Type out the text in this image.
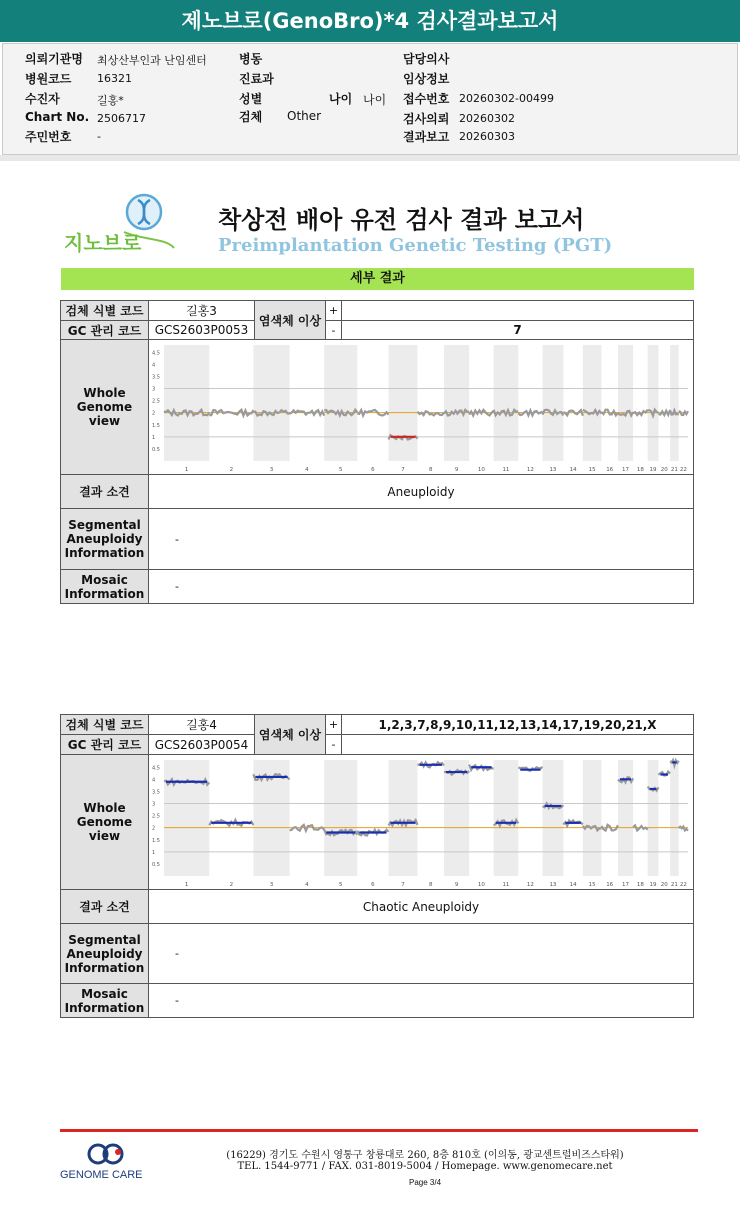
제노브로(GenoBro)*4 검사결과보고서
의뢰기관명 최상산부인과 난임센터
병원코드 16321
수진자	길홍*
Chart No. 2506717
주민번호 -
병동
진료과
성별	나이 나이
검체 Other
담당의사
임상정보
접수번호 20260302-00499
검사의뢰 20260302
결과보고 20260303
지노브로
착상전 배아 유전 검사 결과 보고서
Preimplantation Genetic Testing (PGT)
세부 결과
검체 식별 코드	길홍3
염색체 이상
+
GC 관리 코드	GCS2603P0053	-	7
Whole
Genome
view
4.5
4
3.5
3
2.5
2
1.5
1
0.5
1	2	3	4	5	6	7	8	9	10	11	12	13 14 15 16 17 18 19 20 21 22
결과 소견	Aneuploidy
Segmental
Aneuploidy
Information
-
Mosaic
Information	-
검체 식별 코드	길홍4
염색체 이상
+	1,2,3,7,8,9,10,11,12,13,14,17,19,20,21,X
GC 관리 코드	GCS2603P0054	-
Whole
Genome
view
4.5
4
3.5
3
2.5
2
1.5
1
0.5
1	2	3	4	5	6	7	8	9	10	11	12	13 14 15 16 17 18 19 20 21 22
결과 소견	Chaotic Aneuploidy
Segmental
Aneuploidy
Information
-
Mosaic
Information	-
GENOME CARE
(16229) 경기도 수원시 영통구 창룡대로 260, 8층 810호 (이의동, 광교센트럴비즈스타워)
TEL. 1544-9771 / FAX. 031-8019-5004 / Homepage. www.genomecare.net
Page 3/4
